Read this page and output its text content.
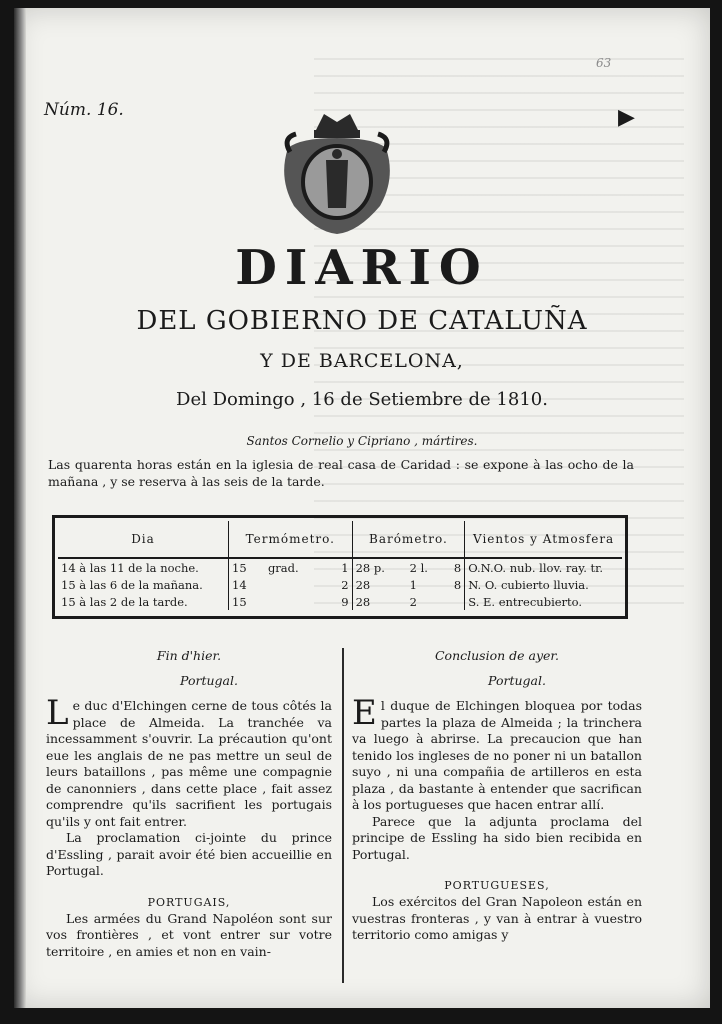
Núm. 16.
63
▶
DIARIO
DEL GOBIERNO DE CATALUÑA
Y DE BARCELONA,
Del Domingo , 16 de Setiembre de 1810.
Santos Cornelio y Cipriano , mártires.
Las quarenta horas están en la iglesia de real casa de Caridad : se expone à las ocho de la mañana , y se reserva à las seis de la tarde.
Dia	Termómetro.			Barómetro.			Vientos y Atmosfera
14 à las 11 de la noche.	15	grad.	1	28 p.	2 l.	8	O.N.O. nub. llov. ray. tr.
15 à las 6 de la mañana.	14		2	28	1	8	N. O. cubierto lluvia.
15 à las 2 de la tarde.	15		9	28	2		S. E. entrecubierto.
Fin d'hier.
Portugal.
Le duc d'Elchingen cerne de tous côtés la place de Almeida. La tranchée va incessamment s'ouvrir. La précaution qu'ont eue les anglais de ne pas mettre un seul de leurs bataillons , pas même une compagnie de canonniers , dans cette place , fait assez comprendre qu'ils sacrifient les portugais qu'ils y ont fait entrer.
La proclamation ci-jointe du prince d'Essling , parait avoir été bien accueillie en Portugal.
PORTUGAIS,
Les armées du Grand Napoléon sont sur vos frontières , et vont entrer sur votre territoire , en amies et non en vain-
Conclusion de ayer.
Portugal.
El duque de Elchingen bloquea por todas partes la plaza de Almeida ; la trinchera va luego à abrirse. La precaucion que han tenido los ingleses de no poner ni un batallon suyo , ni una compañia de artilleros en esta plaza , da bastante à entender que sacrifican à los portugueses que hacen entrar allí.
Parece que la adjunta proclama del principe de Essling ha sido bien recibida en Portugal.
PORTUGUESES,
Los exércitos del Gran Napoleon están en vuestras fronteras , y van à entrar à vuestro territorio como amigas y
